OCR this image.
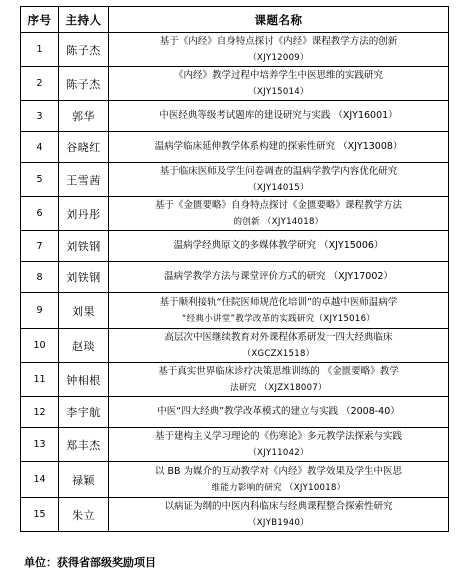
序号	主持人	课题名称
1	陈子杰	基于《内经》自身特点探讨《内经》课程教学方法的创新
（XJY12009）

2	陈子杰	《内经》教学过程中培养学生中医思维的实践研究
（XJY15014）

3	郭华	中医经典等级考试题库的建设研究与实践 （XJY16001）

4	谷晓红	温病学临床延伸教学体系构建的探索性研究 （XJY13008）

5	王雪茜	基于临床医师及学生问卷调查的温病学教学内容优化研究
（XJY14015）

6	刘丹彤	基于《金匮要略》自身特点探讨《金匮要略》课程教学方法
的创新 （XJY14018）

7	刘铁钢	温病学经典原文的多媒体教学研究 （XJY15006）

8	刘铁钢	温病学教学方法与课堂评价方式的研究 （XJY17002）

9	刘果	基于顺利接轨“住院医师规范化培训”的卓越中医师温病学
“经典小讲堂”教学改革的实践研究（XJY15016）

10	赵琰	高层次中医继续教育对外课程体系研发一四大经典临床
（XGCZX1518）

11	钟相根	基于真实世界临床诊疗决策思维训练的 《金匮要略》教学
法研究 （XJZX18007）

12	李宇航	中医“四大经典”教学改革模式的建立与实践 （2008-40）

13	郑丰杰	基于建构主义学习理论的《伤寒论》多元教学法探索与实践
（XJY11042）

14	禄颖	以 BB 为媒介的互动教学对《内经》教学效果及学生中医思
维能力影响的研究 （XJY10018）

15	朱立	以病证为纲的中医内科临床与经典课程整合探索性研究
（XJYB1940）
单位：获得省部级奖励项目
